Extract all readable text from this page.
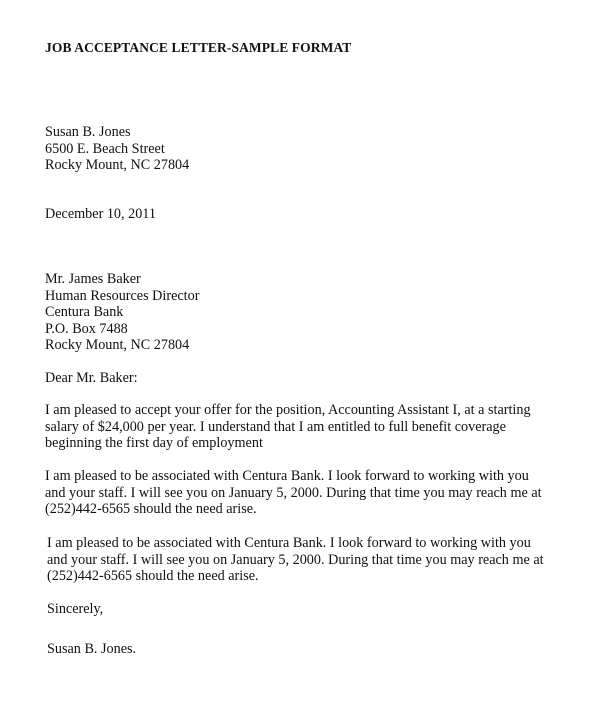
JOB ACCEPTANCE LETTER-SAMPLE FORMAT
Susan B. Jones
6500 E. Beach Street
Rocky Mount, NC 27804
December 10, 2011
Mr. James Baker
Human Resources Director
Centura Bank
P.O. Box 7488
Rocky Mount, NC 27804
Dear Mr. Baker:
I am pleased to accept your offer for the position, Accounting Assistant I, at a starting
salary of $24,000 per year. I understand that I am entitled to full benefit coverage
beginning the first day of employment
I am pleased to be associated with Centura Bank. I look forward to working with you
and your staff. I will see you on January 5, 2000. During that time you may reach me at
(252)442-6565 should the need arise.
I am pleased to be associated with Centura Bank. I look forward to working with you
and your staff. I will see you on January 5, 2000. During that time you may reach me at
(252)442-6565 should the need arise.
Sincerely,
Susan B. Jones.
